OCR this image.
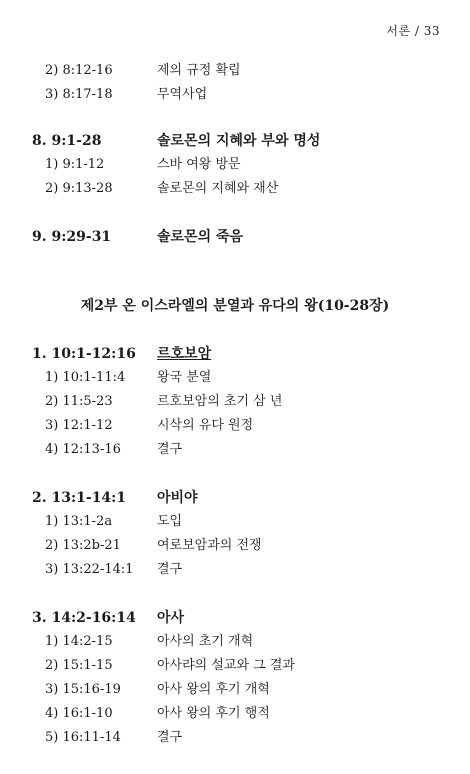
서론 / 33
2) 8:12-16	제의 규정 확립
3) 8:17-18	무역사업
8. 9:1-28	솔로몬의 지혜와 부와 명성
1) 9:1-12	스바 여왕 방문
2) 9:13-28	솔로몬의 지혜와 재산
9. 9:29-31	솔로몬의 죽음
제2부 온 이스라엘의 분열과 유다의 왕(10-28장)
1. 10:1-12:16 르호보암
1) 10:1-11:4 왕국 분열
2) 11:5-23	르호보암의 초기 삼 년
3) 12:1-12	시삭의 유다 원정
4) 12:13-16	결구
2. 13:1-14:1 아비야
1) 13:1-2a	도입
2) 13:2b-21	여로보암과의 전쟁
3) 13:22-14:1 결구
3. 14:2-16:14 아사
1) 14:2-15	아사의 초기 개혁
2) 15:1-15	아사랴의 설교와 그 결과
3) 15:16-19	아사 왕의 후기 개혁
4) 16:1-10	아사 왕의 후기 행적
5) 16:11-14	결구
